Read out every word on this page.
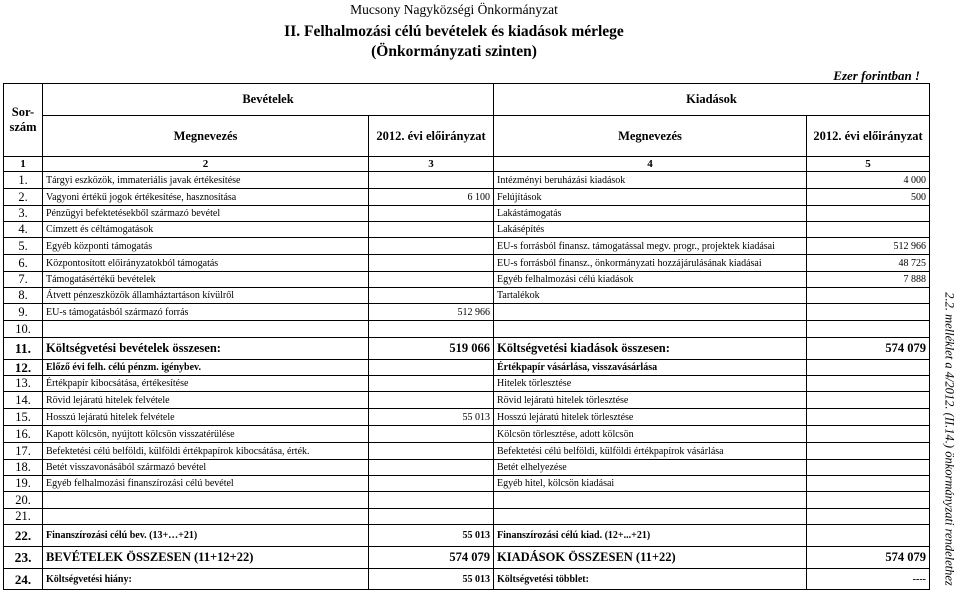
Mucsony Nagyközségi Önkormányzat
II. Felhalmozási célú bevételek és kiadások mérlege
(Önkormányzati szinten)
Ezer forintban !
Sor-
szám	Bevételek		Kiadások	
	Megnevezés	2012. évi előirányzat	Megnevezés	2012. évi előirányzat
1	2	3	4	5
1.	Tárgyi eszközök, immateriális javak értékesítése		Intézményi beruházási kiadások	4 000
2.	Vagyoni értékű jogok értékesítése, hasznosítása	6 100	Felújítások	500
3.	Pénzügyi befektetésekből származó bevétel		Lakástámogatás	
4.	Címzett és céltámogatások		Lakásépítés	
5.	Egyéb központi támogatás		EU-s forrásból finansz. támogatással megv. progr., projektek kiadásai	512 966
6.	Központosított előirányzatokból támogatás		EU-s forrásból finansz., önkormányzati hozzájárulásának kiadásai	48 725
7.	Támogatásértékű bevételek		Egyéb felhalmozási célú kiadások	7 888
8.	Átvett pénzeszközök államháztartáson kívülről		Tartalékok	
9.	EU-s támogatásból származó forrás	512 966		
10.				
11.	Költségvetési bevételek összesen:	519 066	Költségvetési kiadások összesen:	574 079
12.	Előző évi felh. célú pénzm. igénybev.		Értékpapír vásárlása, visszavásárlása	
13.	Értékpapír kibocsátása, értékesítése		Hitelek törlesztése	
14.	Rövid lejáratú hitelek felvétele		Rövid lejáratú hitelek törlesztése	
15.	Hosszú lejáratú hitelek felvétele	55 013	Hosszú lejáratú hitelek törlesztése	
16.	Kapott kölcsön, nyújtott kölcsön visszatérülése		Kölcsön törlesztése, adott kölcsön	
17.	Befektetési célú belföldi, külföldi értékpapírok kibocsátása, érték.		Befektetési célú belföldi, külföldi értékpapírok vásárlása	
18.	Betét visszavonásából származó bevétel		Betét elhelyezése	
19.	Egyéb felhalmozási finanszírozási célú bevétel		Egyéb hitel, kölcsön kiadásai	
20.				
21.				
22.	Finanszírozási célú bev. (13+…+21)	55 013	Finanszírozási célú kiad. (12+...+21)	
23.	BEVÉTELEK ÖSSZESEN (11+12+22)	574 079	KIADÁSOK ÖSSZESEN (11+22)	574 079
24.	Költségvetési hiány:	55 013	Költségvetési többlet:	---- 2.2. melléklet a 4/2012. (II.14.) önkormányzati rendelethez
